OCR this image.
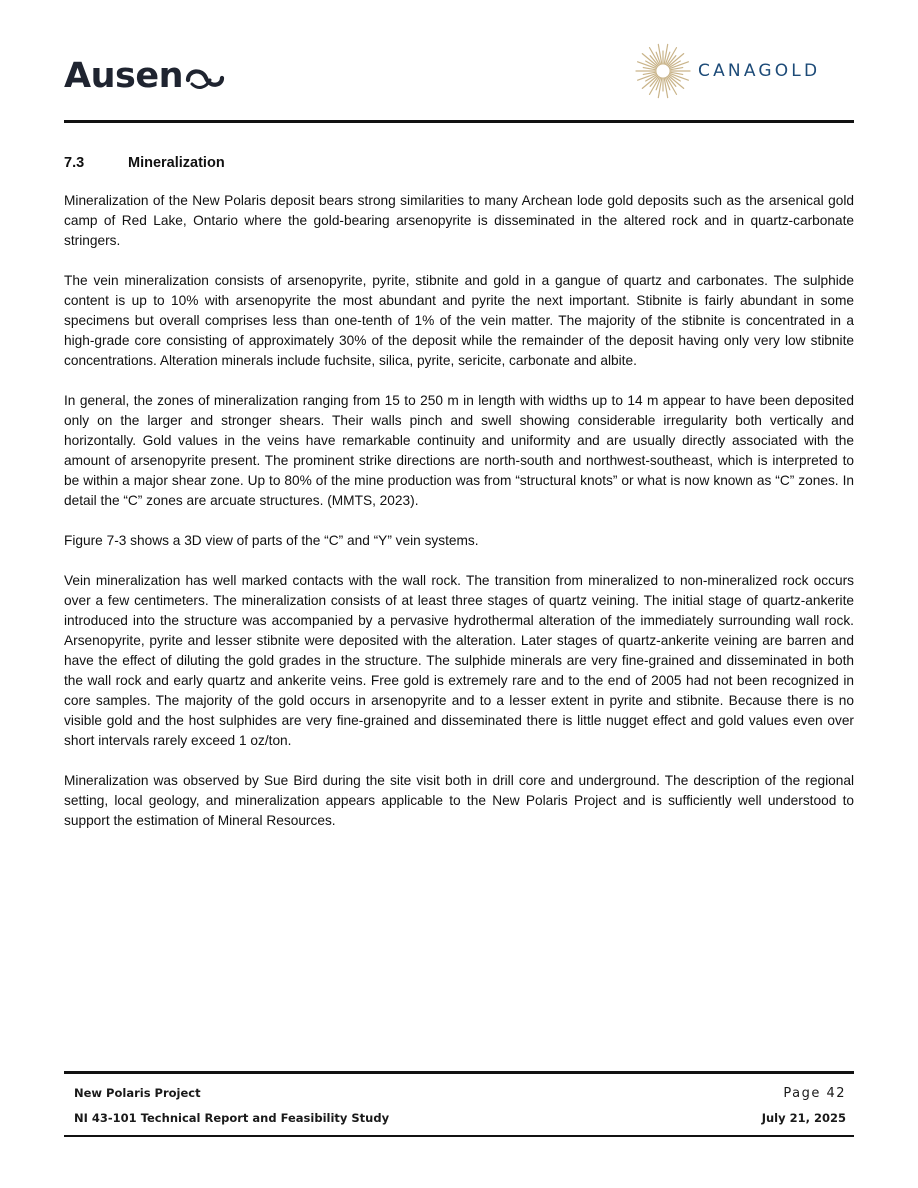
Ausen	CANAGOLD
7.3	Mineralization

Mineralization of the New Polaris deposit bears strong similarities to many Archean lode gold deposits such as the arsenical gold camp of Red Lake, Ontario where the gold-bearing arsenopyrite is disseminated in the altered rock and in quartz-carbonate stringers.

The vein mineralization consists of arsenopyrite, pyrite, stibnite and gold in a gangue of quartz and carbonates. The sulphide content is up to 10% with arsenopyrite the most abundant and pyrite the next important. Stibnite is fairly abundant in some specimens but overall comprises less than one-tenth of 1% of the vein matter. The majority of the stibnite is concentrated in a high-grade core consisting of approximately 30% of the deposit while the remainder of the deposit having only very low stibnite concentrations. Alteration minerals include fuchsite, silica, pyrite, sericite, carbonate and albite.

In general, the zones of mineralization ranging from 15 to 250 m in length with widths up to 14 m appear to have been deposited only on the larger and stronger shears. Their walls pinch and swell showing considerable irregularity both vertically and horizontally. Gold values in the veins have remarkable continuity and uniformity and are usually directly associated with the amount of arsenopyrite present. The prominent strike directions are north-south and northwest-southeast, which is interpreted to be within a major shear zone. Up to 80% of the mine production was from “structural knots” or what is now known as “C” zones. In detail the “C” zones are arcuate structures. (MMTS, 2023).

Figure 7-3 shows a 3D view of parts of the “C” and “Y” vein systems.

Vein mineralization has well marked contacts with the wall rock. The transition from mineralized to non-mineralized rock occurs over a few centimeters. The mineralization consists of at least three stages of quartz veining. The initial stage of quartz-ankerite introduced into the structure was accompanied by a pervasive hydrothermal alteration of the immediately surrounding wall rock. Arsenopyrite, pyrite and lesser stibnite were deposited with the alteration. Later stages of quartz-ankerite veining are barren and have the effect of diluting the gold grades in the structure. The sulphide minerals are very fine-grained and disseminated in both the wall rock and early quartz and ankerite veins. Free gold is extremely rare and to the end of 2005 had not been recognized in core samples. The majority of the gold occurs in arsenopyrite and to a lesser extent in pyrite and stibnite. Because there is no visible gold and the host sulphides are very fine-grained and disseminated there is little nugget effect and gold values even over short intervals rarely exceed 1 oz/ton.

Mineralization was observed by Sue Bird during the site visit both in drill core and underground. The description of the regional setting, local geology, and mineralization appears applicable to the New Polaris Project and is sufficiently well understood to support the estimation of Mineral Resources.

New Polaris Project	Page 42
NI 43-101 Technical Report and Feasibility Study	July 21, 2025
